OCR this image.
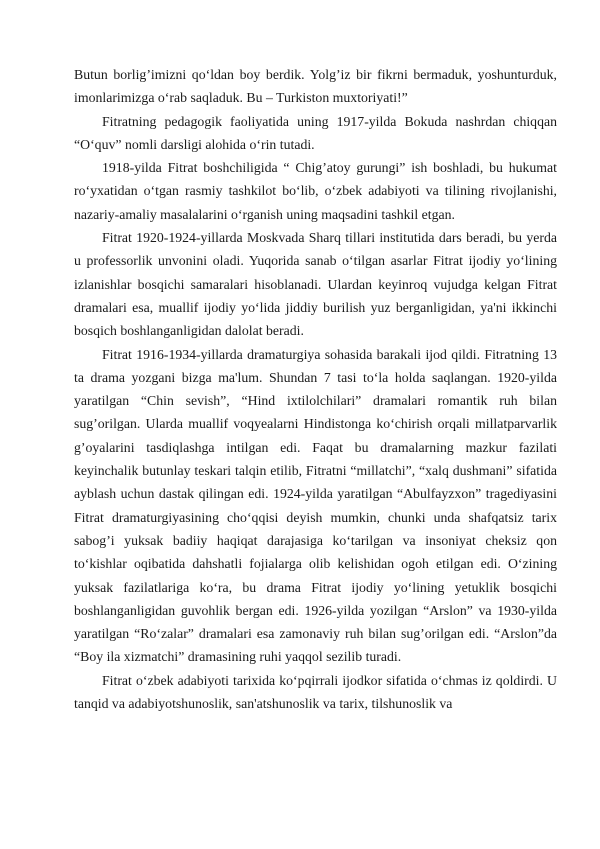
Butun borlig’imizni qo‘ldan boy berdik. Yolg’iz bir fikrni bermaduk, yoshunturduk, imonlarimizga o‘rab saqladuk. Bu – Turkiston muxtoriyati!”

Fitratning pedagogik faoliyatida uning 1917-yilda Bokuda nashrdan chiqqan “O‘quv” nomli darsligi alohida o‘rin tutadi.

1918-yilda Fitrat boshchiligida “ Chig’atoy gurungi” ish boshladi, bu hukumat ro‘yxatidan o‘tgan rasmiy tashkilot bo‘lib, o‘zbek adabiyoti va tilining rivojlanishi, nazariy-amaliy masalalarini o‘rganish uning maqsadini tashkil etgan.

Fitrat 1920-1924-yillarda Moskvada Sharq tillari institutida dars beradi, bu yerda u professorlik unvonini oladi. Yuqorida sanab o‘tilgan asarlar Fitrat ijodiy yo‘lining izlanishlar bosqichi samaralari hisoblanadi. Ulardan keyinroq vujudga kelgan Fitrat dramalari esa, muallif ijodiy yo‘lida jiddiy burilish yuz berganligidan, ya'ni ikkinchi bosqich boshlanganligidan dalolat beradi.

Fitrat 1916-1934-yillarda dramaturgiya sohasida barakali ijod qildi. Fitratning 13 ta drama yozgani bizga ma'lum. Shundan 7 tasi to‘la holda saqlangan. 1920-yilda yaratilgan “Chin sevish”, “Hind ixtilolchilari” dramalari romantik ruh bilan sug’orilgan. Ularda muallif voqyealarni Hindistonga ko‘chirish orqali millatparvarlik g’oyalarini tasdiqlashga intilgan edi. Faqat bu dramalarning mazkur fazilati keyinchalik butunlay teskari talqin etilib, Fitratni “millatchi”, “xalq dushmani” sifatida ayblash uchun dastak qilingan edi. 1924-yilda yaratilgan “Abulfayzxon” tragediyasini Fitrat dramaturgiyasining cho‘qqisi deyish mumkin, chunki unda shafqatsiz tarix sabog’i yuksak badiiy haqiqat darajasiga ko‘tarilgan va insoniyat cheksiz qon to‘kishlar oqibatida dahshatli fojialarga olib kelishidan ogoh etilgan edi. O‘zining yuksak fazilatlariga ko‘ra, bu drama Fitrat ijodiy yo‘lining yetuklik bosqichi boshlanganligidan guvohlik bergan edi. 1926-yilda yozilgan “Arslon” va 1930-yilda yaratilgan “Ro‘zalar” dramalari esa zamonaviy ruh bilan sug’orilgan edi. “Arslon”da “Boy ila xizmatchi” dramasining ruhi yaqqol sezilib turadi.

Fitrat o‘zbek adabiyoti tarixida ko‘pqirrali ijodkor sifatida o‘chmas iz qoldirdi. U tanqid va adabiyotshunoslik, san'atshunoslik va tarix, tilshunoslik va
